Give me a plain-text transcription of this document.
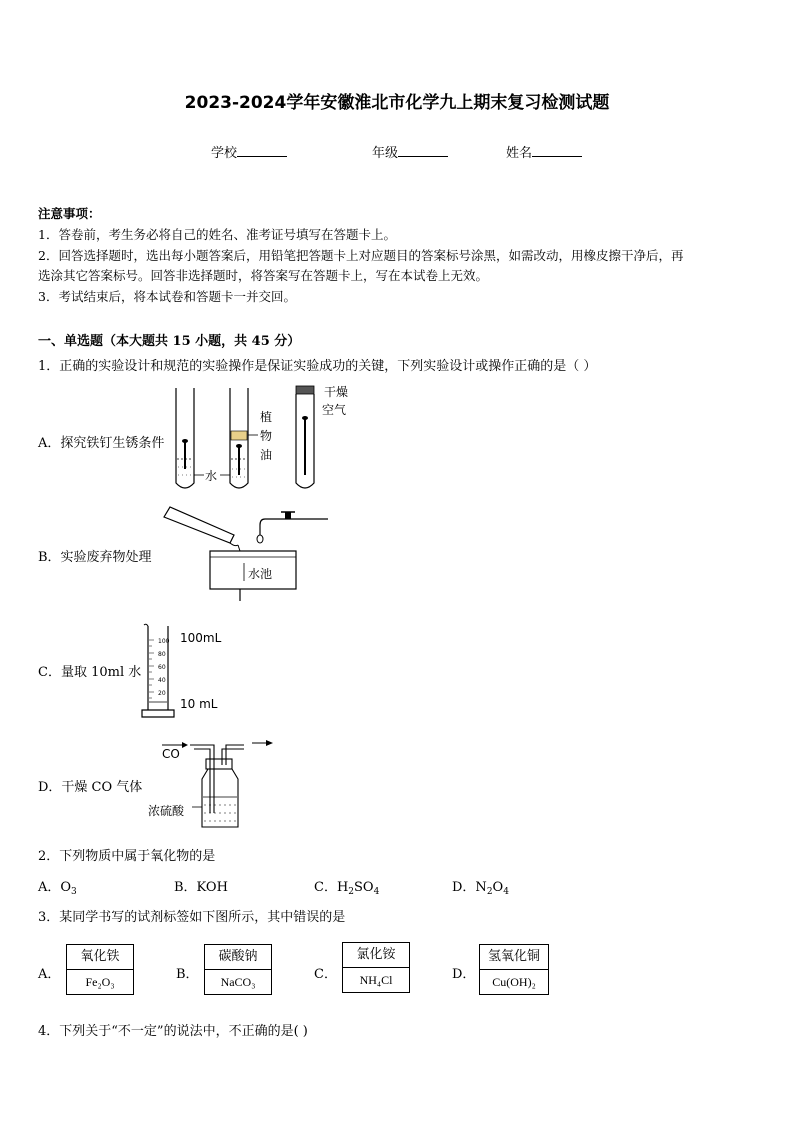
2023-2024学年安徽淮北市化学九上期末复习检测试题
学校	年级	姓名
注意事项：
1．答卷前，考生务必将自己的姓名、准考证号填写在答题卡上。
2．回答选择题时，选出每小题答案后，用铅笔把答题卡上对应题目的答案标号涂黑，如需改动，用橡皮擦干净后，再
选涂其它答案标号。回答非选择题时，将答案写在答题卡上，写在本试卷上无效。
3．考试结束后，将本试卷和答题卡一并交回。
一、单选题（本大题共 15 小题，共 45 分）
1．正确的实验设计和规范的实验操作是保证实验成功的关键，下列实验设计或操作正确的是（ ）
A．探究铁钉生锈条件
植
物
油
水
干燥
空气
B．实验废弃物处理
水池
C．量取 10ml 水
100
80
60
40
20
100mL
10 mL
D．干燥 CO 气体
CO
浓硫酸
2．下列物质中属于氧化物的是
A．$O_3$	B．KOH	C．$H_2SO_4$	D．$N_2O_4$
3．某同学书写的试剂标签如下图所示，其中错误的是
A．
氧化铁
Fe₂O₃	B．
碳酸钠
NaCO₃	C．
氯化铵
NH₄Cl	D．
氢氧化铜
Cu(OH)₂
4．下列关于“不一定”的说法中，不正确的是( )
